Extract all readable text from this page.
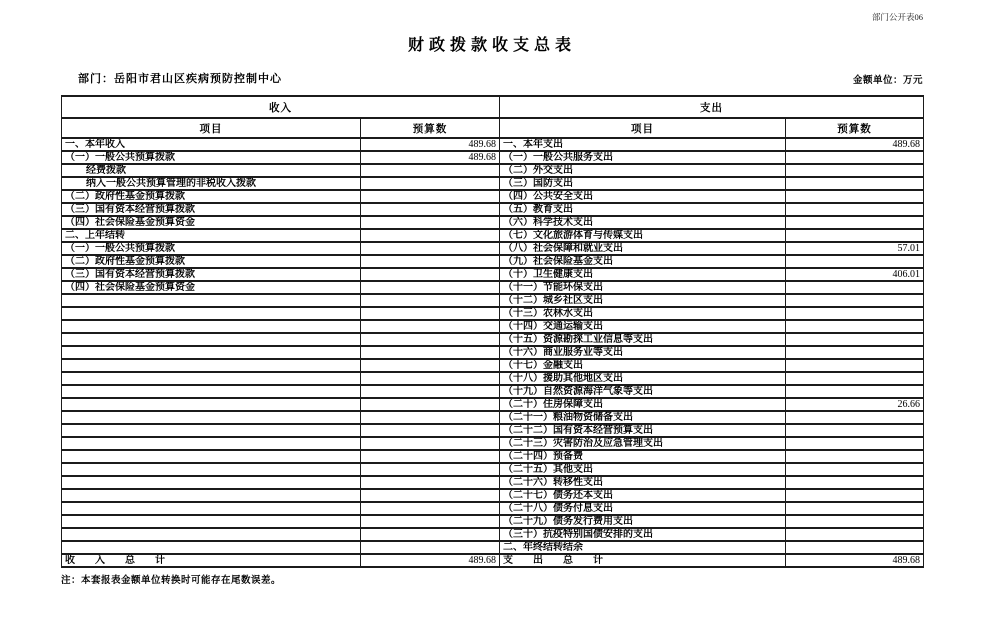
部门公开表06
财政拨款收支总表
部门：岳阳市君山区疾病预防控制中心	金额单位：万元
收入		支出	
项目	预算数	项目	预算数
一、本年收入	489.68	一、本年支出	489.68
（一）一般公共预算拨款	489.68	（一）一般公共服务支出	
经费拨款		（二）外交支出	
纳入一般公共预算管理的非税收入拨款		（三）国防支出	
（二）政府性基金预算拨款		（四）公共安全支出	
（三）国有资本经营预算拨款		（五）教育支出	
（四）社会保险基金预算资金		（六）科学技术支出	
二、上年结转		（七）文化旅游体育与传媒支出	
（一）一般公共预算拨款		（八）社会保障和就业支出	57.01
（二）政府性基金预算拨款		（九）社会保险基金支出	
（三）国有资本经营预算拨款		（十）卫生健康支出	406.01
（四）社会保险基金预算资金		（十一）节能环保支出	
		（十二）城乡社区支出	
		（十三）农林水支出	
		（十四）交通运输支出	
		（十五）资源勘探工业信息等支出	
		（十六）商业服务业等支出	
		（十七）金融支出	
		（十八）援助其他地区支出	
		（十九）自然资源海洋气象等支出	
		（二十）住房保障支出	26.66
		（二十一）粮油物资储备支出	
		（二十二）国有资本经营预算支出	
		（二十三）灾害防治及应急管理支出	
		（二十四）预备费	
		（二十五）其他支出	
		（二十六）转移性支出	
		（二十七）债务还本支出	
		（二十八）债务付息支出	
		（二十九）债务发行费用支出	
		（三十）抗疫特别国债安排的支出	
		二、年终结转结余	
收　　入　　总　　计	489.68	支　　出　　总　　计	489.68
注：本套报表金额单位转换时可能存在尾数误差。
